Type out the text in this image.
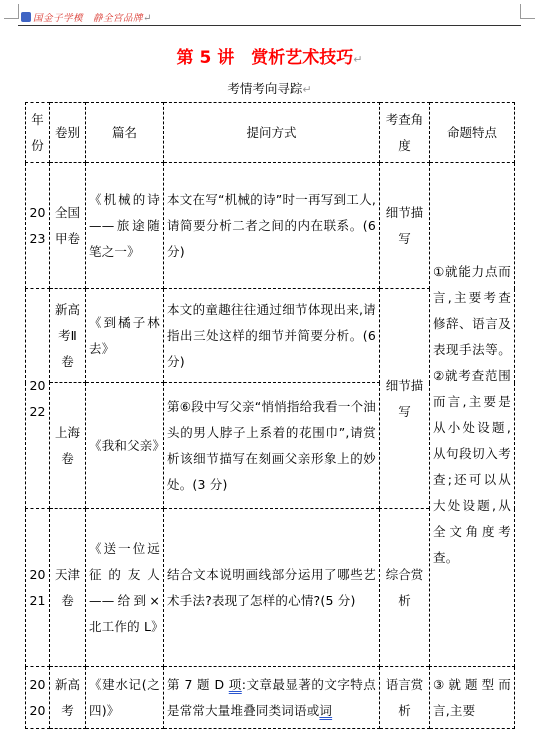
国金子学模 静全宫品牌↵
第 5 讲　赏析艺术技巧↵
考情考向寻踪↵
年份	卷别	篇名	提问方式	考查角度	命题特点
2023	全国甲卷	《机械的诗——旅途随笔之一》	本文在写“机械的诗”时一再写到工人,请简要分析二者之间的内在联系。(6 分)	细节描写	①就能力点而言,主要考查修辞、语言及表现手法等。②就考查范围而言,主要是从小处设题,从句段切入考查;还可以从大处设题,从全文角度考查。
2022	新高考Ⅱ卷	《到橘子林去》	本文的童趣往往通过细节体现出来,请指出三处这样的细节并简要分析。(6 分)	细节描写	
	上海卷	《我和父亲》	第⑥段中写父亲“悄悄指给我看一个油头的男人脖子上系着的花围巾”,请赏析该细节描写在刻画父亲形象上的妙处。(3 分)		
2021	天津卷	《送一位远征的友人——给到×北工作的 L》	结合文本说明画线部分运用了哪些艺术手法?表现了怎样的心情?(5 分)	综合赏析	
2020	新高考	《建水记(之四)》	第 7 题 D 项:文章最显著的文字特点是常常大量堆叠同类词语或词	语言赏析	③就题型而言,主要
